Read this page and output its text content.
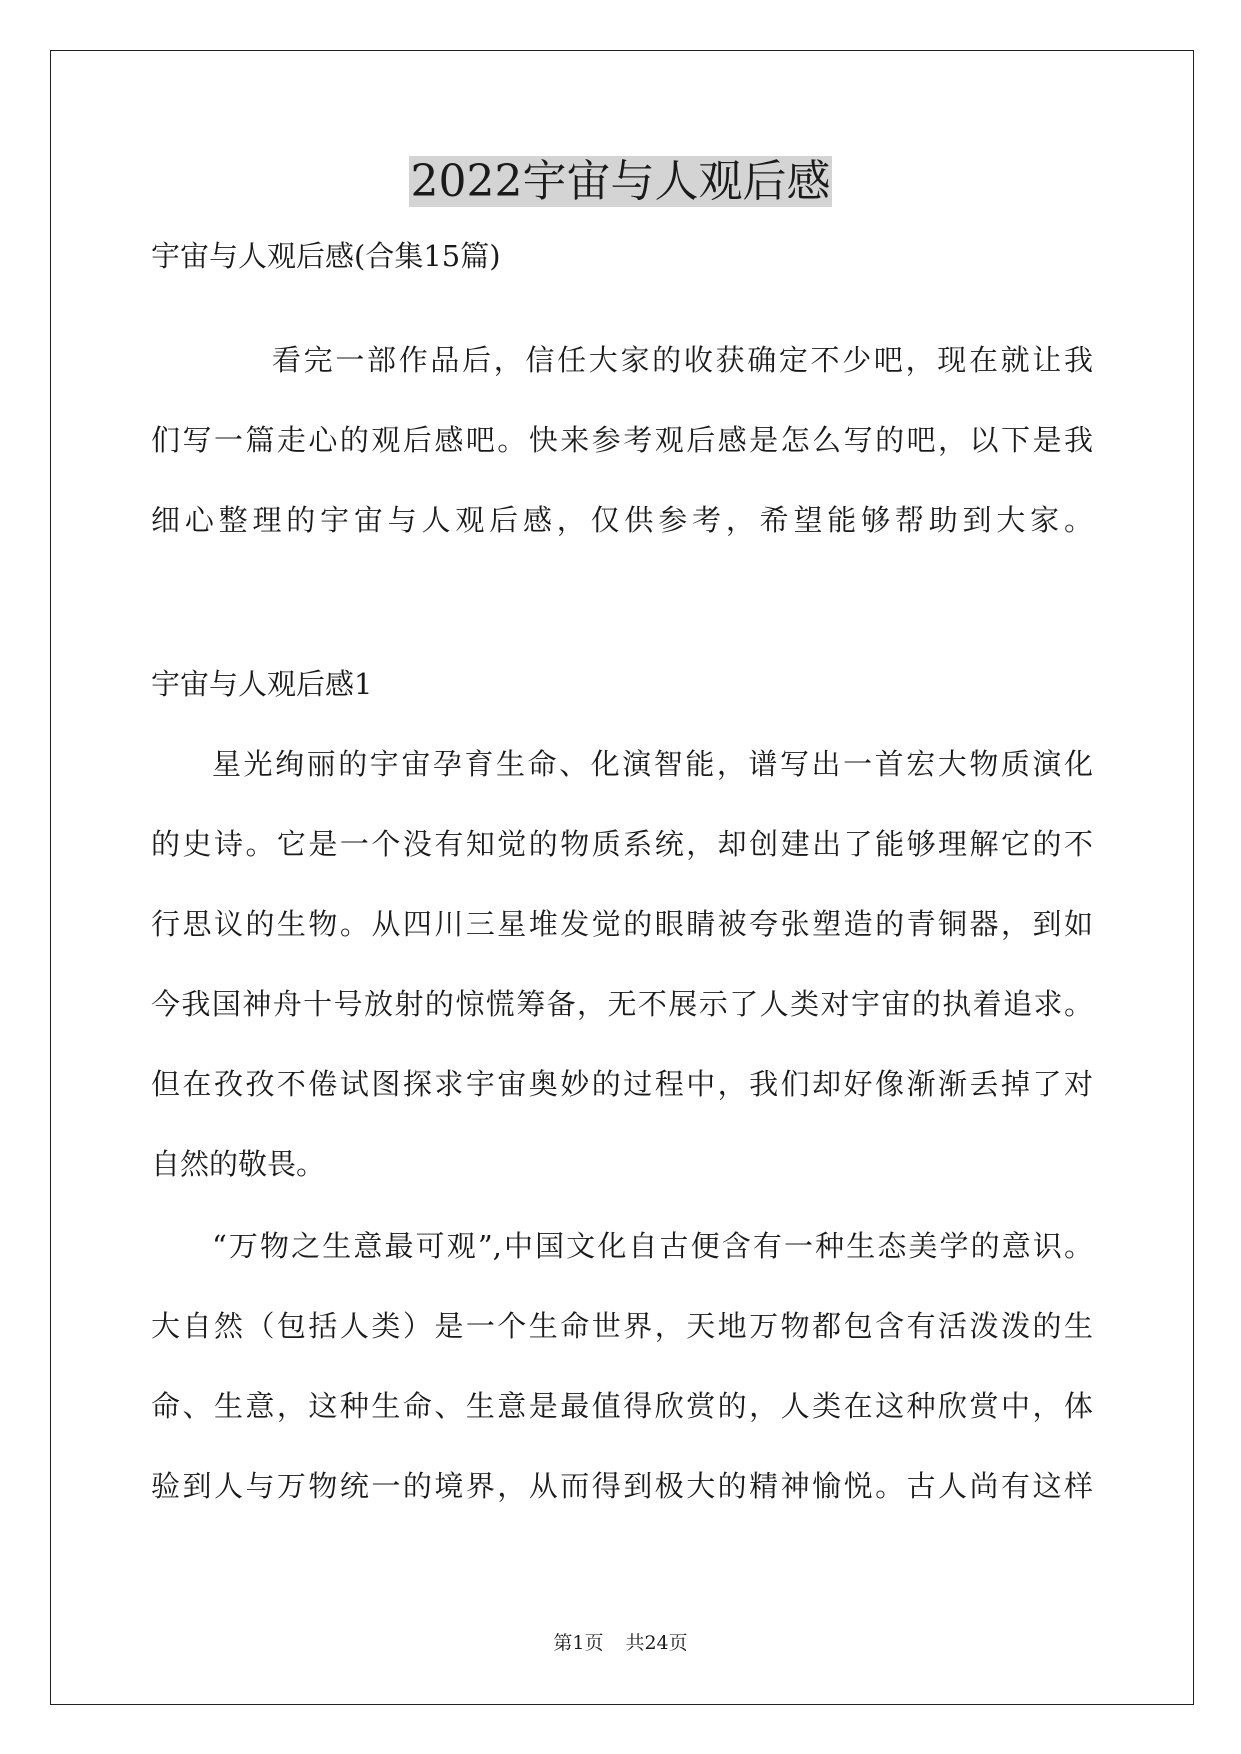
2022宇宙与人观后感
宇宙与人观后感(合集15篇)
看完一部作品后，信任大家的收获确定不少吧，现在就让我
们写一篇走心的观后感吧。快来参考观后感是怎么写的吧，以下是我
细心整理的宇宙与人观后感，仅供参考，希望能够帮助到大家。
宇宙与人观后感1
星光绚丽的宇宙孕育生命、化演智能，谱写出一首宏大物质演化
的史诗。它是一个没有知觉的物质系统，却创建出了能够理解它的不
行思议的生物。从四川三星堆发觉的眼睛被夸张塑造的青铜器，到如
今我国神舟十号放射的惊慌筹备，无不展示了人类对宇宙的执着追求。
但在孜孜不倦试图探求宇宙奥妙的过程中，我们却好像渐渐丢掉了对
自然的敬畏。
“万物之生意最可观”,中国文化自古便含有一种生态美学的意识。
大自然（包括人类）是一个生命世界，天地万物都包含有活泼泼的生
命、生意，这种生命、生意是最值得欣赏的，人类在这种欣赏中，体
验到人与万物统一的境界，从而得到极大的精神愉悦。古人尚有这样
第1页 共24页
